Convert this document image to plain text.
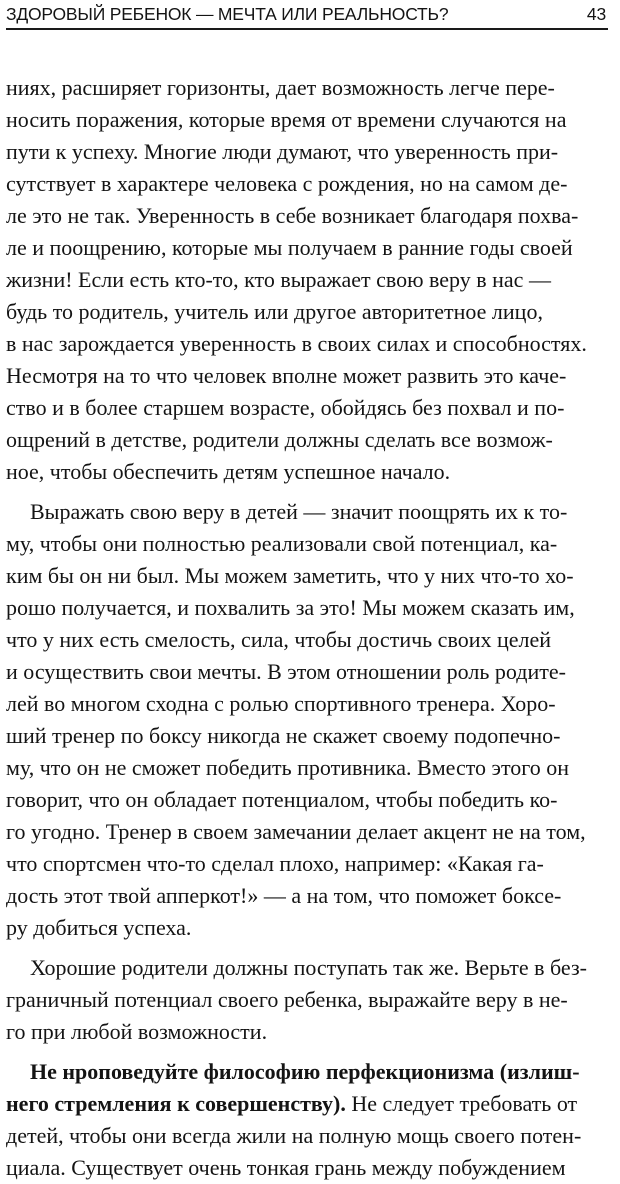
ЗДОРОВЫЙ РЕБЕНОК — МЕЧТА ИЛИ РЕАЛЬНОСТЬ?	43
ниях, расширяет горизонты, дает возможность легче пере-
носить поражения, которые время от времени случаются на
пути к успеху. Многие люди думают, что уверенность при-
сутствует в характере человека с рождения, но на самом де-
ле это не так. Уверенность в себе возникает благодаря похва-
ле и поощрению, которые мы получаем в ранние годы своей
жизни! Если есть кто-то, кто выражает свою веру в нас —
будь то родитель, учитель или другое авторитетное лицо,
в нас зарождается уверенность в своих силах и способностях.
Несмотря на то что человек вполне может развить это каче-
ство и в более старшем возрасте, обойдясь без похвал и по-
ощрений в детстве, родители должны сделать все возмож-
ное, чтобы обеспечить детям успешное начало.
Выражать свою веру в детей — значит поощрять их к то-
му, чтобы они полностью реализовали свой потенциал, ка-
ким бы он ни был. Мы можем заметить, что у них что-то хо-
рошо получается, и похвалить за это! Мы можем сказать им,
что у них есть смелость, сила, чтобы достичь своих целей
и осуществить свои мечты. В этом отношении роль родите-
лей во многом сходна с ролью спортивного тренера. Хоро-
ший тренер по боксу никогда не скажет своему подопечно-
му, что он не сможет победить противника. Вместо этого он
говорит, что он обладает потенциалом, чтобы победить ко-
го угодно. Тренер в своем замечании делает акцент не на том,
что спортсмен что-то сделал плохо, например: «Какая га-
дость этот твой апперкот!» — а на том, что поможет боксе-
ру добиться успеха.
Хорошие родители должны поступать так же. Верьте в без-
граничный потенциал своего ребенка, выражайте веру в не-
го при любой возможности.
Не нроповедуйте философию перфекционизма (излиш-
него стремления к совершенству). Не следует требовать от
детей, чтобы они всегда жили на полную мощь своего потен-
циала. Существует очень тонкая грань между побуждением
